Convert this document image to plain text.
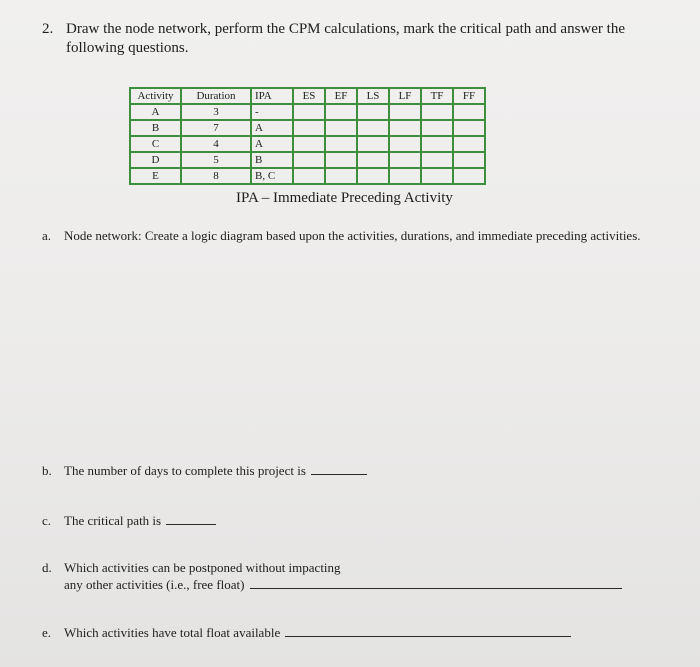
2. Draw the node network, perform the CPM calculations, mark the critical path and answer the following questions.
Activity	Duration	IPA	ES	EF	LS	LF	TF	FF
A	3	-						
B	7	A						
C	4	A						
D	5	B						
E	8	B, C						
IPA – Immediate Preceding Activity
a. Node network: Create a logic diagram based upon the activities, durations, and immediate preceding activities.
b. The number of days to complete this project is
c. The critical path is
d. Which activities can be postponed without impacting
any other activities (i.e., free float)
e. Which activities have total float available
